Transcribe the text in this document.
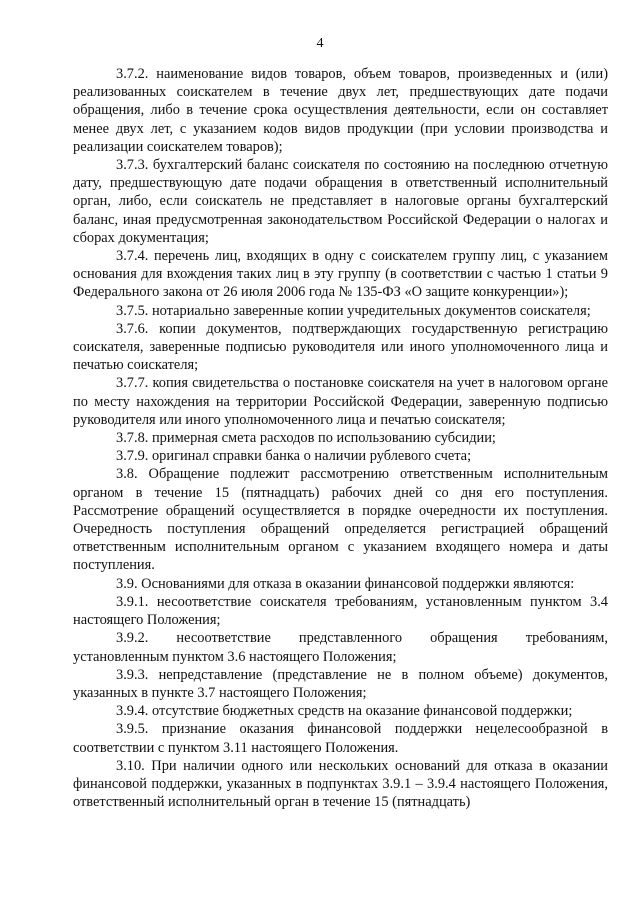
4

3.7.2. наименование видов товаров, объем товаров, произведенных и (или) реализованных соискателем в течение двух лет, предшествующих дате подачи обращения, либо в течение срока осуществления деятельности, если он составляет менее двух лет, с указанием кодов видов продукции (при условии производства и реализации соискателем товаров);

3.7.3. бухгалтерский баланс соискателя по состоянию на последнюю отчетную дату, предшествующую дате подачи обращения в ответственный исполнительный орган, либо, если соискатель не представляет в налоговые органы бухгалтерский баланс, иная предусмотренная законодательством Российской Федерации о налогах и сборах документация;

3.7.4. перечень лиц, входящих в одну с соискателем группу лиц, с указанием основания для вхождения таких лиц в эту группу (в соответствии с частью 1 статьи 9 Федерального закона от 26 июля 2006 года № 135-ФЗ «О защите конкуренции»);

3.7.5. нотариально заверенные копии учредительных документов соискателя;

3.7.6. копии документов, подтверждающих государственную регистрацию соискателя, заверенные подписью руководителя или иного уполномоченного лица и печатью соискателя;

3.7.7. копия свидетельства о постановке соискателя на учет в налоговом органе по месту нахождения на территории Российской Федерации, заверенную подписью руководителя или иного уполномоченного лица и печатью соискателя;

3.7.8. примерная смета расходов по использованию субсидии;

3.7.9. оригинал справки банка о наличии рублевого счета;

3.8. Обращение подлежит рассмотрению ответственным исполнительным органом в течение 15 (пятнадцать) рабочих дней со дня его поступления. Рассмотрение обращений осуществляется в порядке очередности их поступления. Очередность поступления обращений определяется регистрацией обращений ответственным исполнительным органом с указанием входящего номера и даты поступления.

3.9. Основаниями для отказа в оказании финансовой поддержки являются:

3.9.1. несоответствие соискателя требованиям, установленным пунктом 3.4 настоящего Положения;

3.9.2. несоответствие представленного обращения требованиям, установленным пунктом 3.6 настоящего Положения;

3.9.3. непредставление (представление не в полном объеме) документов, указанных в пункте 3.7 настоящего Положения;

3.9.4. отсутствие бюджетных средств на оказание финансовой поддержки;

3.9.5. признание оказания финансовой поддержки нецелесообразной в соответствии с пунктом 3.11 настоящего Положения.

3.10. При наличии одного или нескольких оснований для отказа в оказании финансовой поддержки, указанных в подпунктах 3.9.1 – 3.9.4 настоящего Положения, ответственный исполнительный орган в течение 15 (пятнадцать)
